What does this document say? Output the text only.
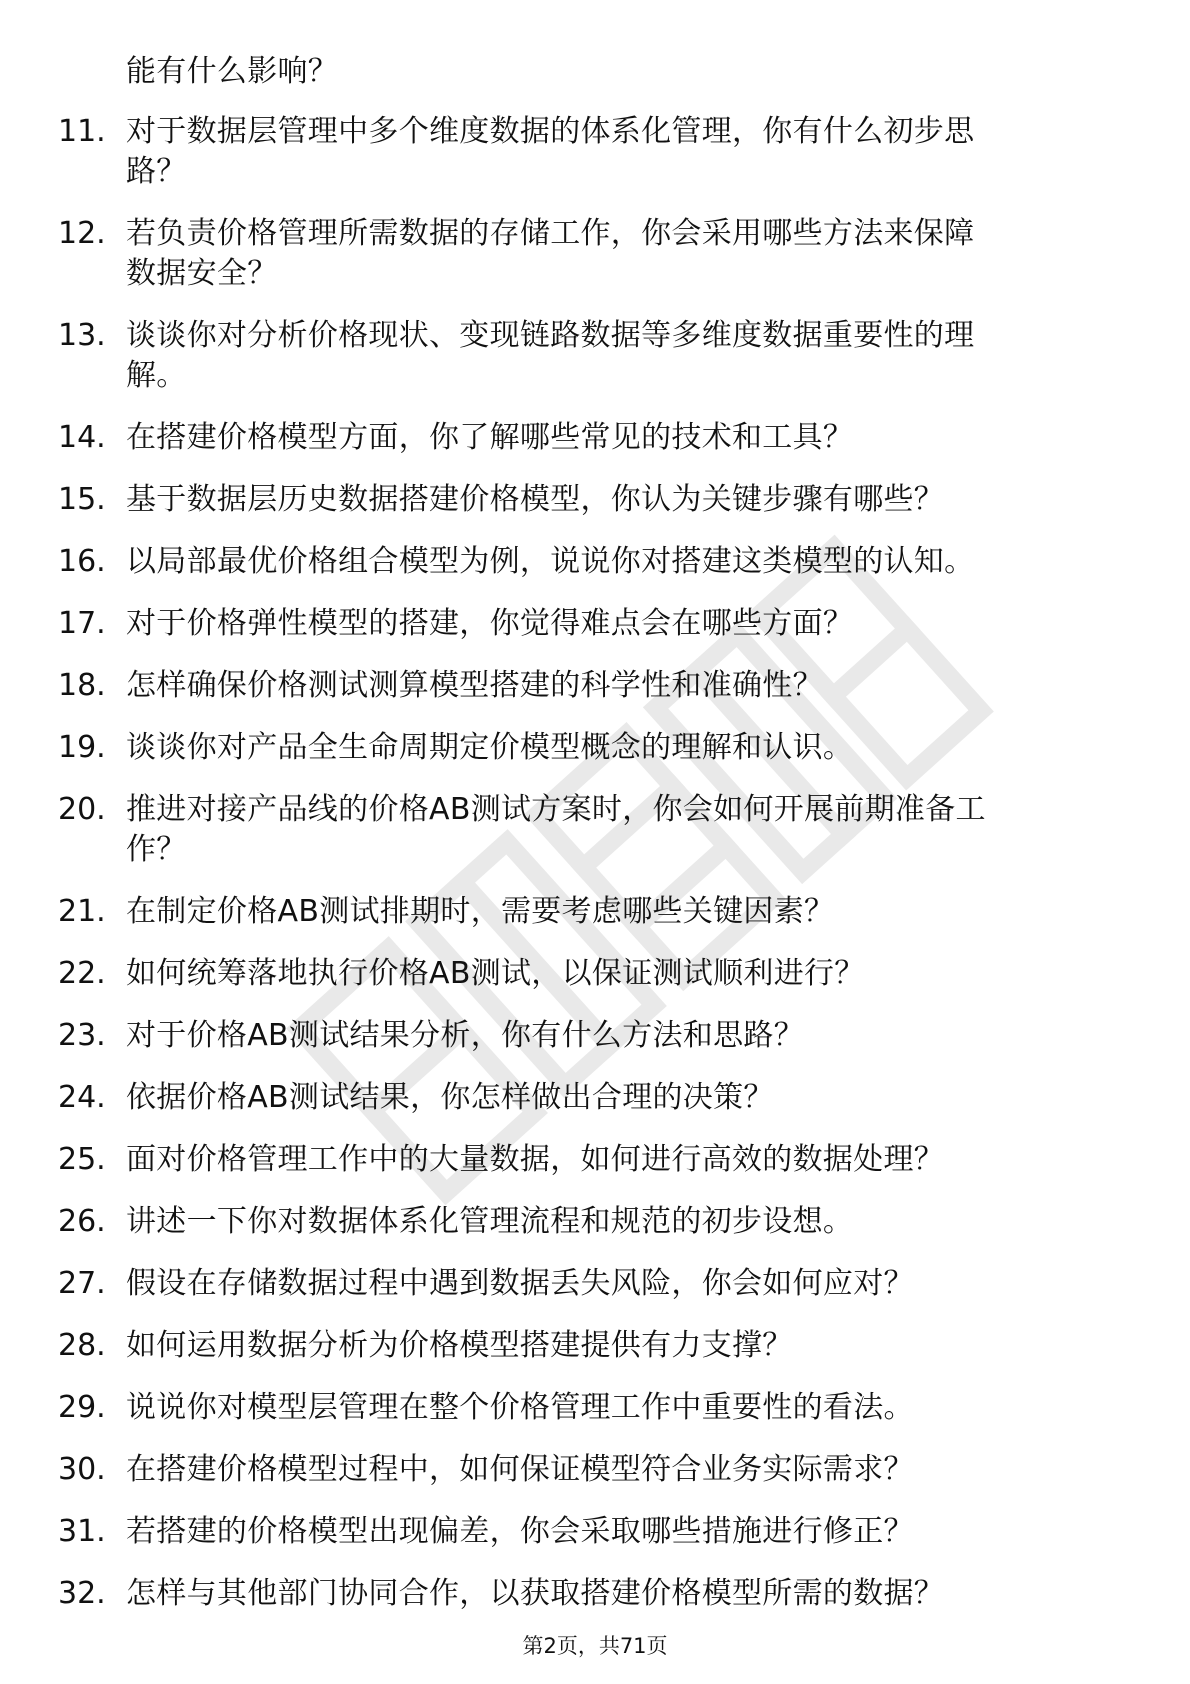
能有什么影响？
11. 对于数据层管理中多个维度数据的体系化管理，你有什么初步思
路？
12. 若负责价格管理所需数据的存储工作，你会采用哪些方法来保障
数据安全？
13. 谈谈你对分析价格现状、变现链路数据等多维度数据重要性的理
解。
14. 在搭建价格模型方面，你了解哪些常见的技术和工具？
15. 基于数据层历史数据搭建价格模型，你认为关键步骤有哪些？
16. 以局部最优价格组合模型为例，说说你对搭建这类模型的认知。
17. 对于价格弹性模型的搭建，你觉得难点会在哪些方面？
18. 怎样确保价格测试测算模型搭建的科学性和准确性？
19. 谈谈你对产品全生命周期定价模型概念的理解和认识。
20. 推进对接产品线的价格AB测试方案时，你会如何开展前期准备工
作？
21. 在制定价格AB测试排期时，需要考虑哪些关键因素？
22. 如何统筹落地执行价格AB测试，以保证测试顺利进行？
23. 对于价格AB测试结果分析，你有什么方法和思路？
24. 依据价格AB测试结果，你怎样做出合理的决策？
25. 面对价格管理工作中的大量数据，如何进行高效的数据处理？
26. 讲述一下你对数据体系化管理流程和规范的初步设想。
27. 假设在存储数据过程中遇到数据丢失风险，你会如何应对？
28. 如何运用数据分析为价格模型搭建提供有力支撑？
29. 说说你对模型层管理在整个价格管理工作中重要性的看法。
30. 在搭建价格模型过程中，如何保证模型符合业务实际需求？
31. 若搭建的价格模型出现偏差，你会采取哪些措施进行修正？
32. 怎样与其他部门协同合作，以获取搭建价格模型所需的数据？
第2页，共71页
